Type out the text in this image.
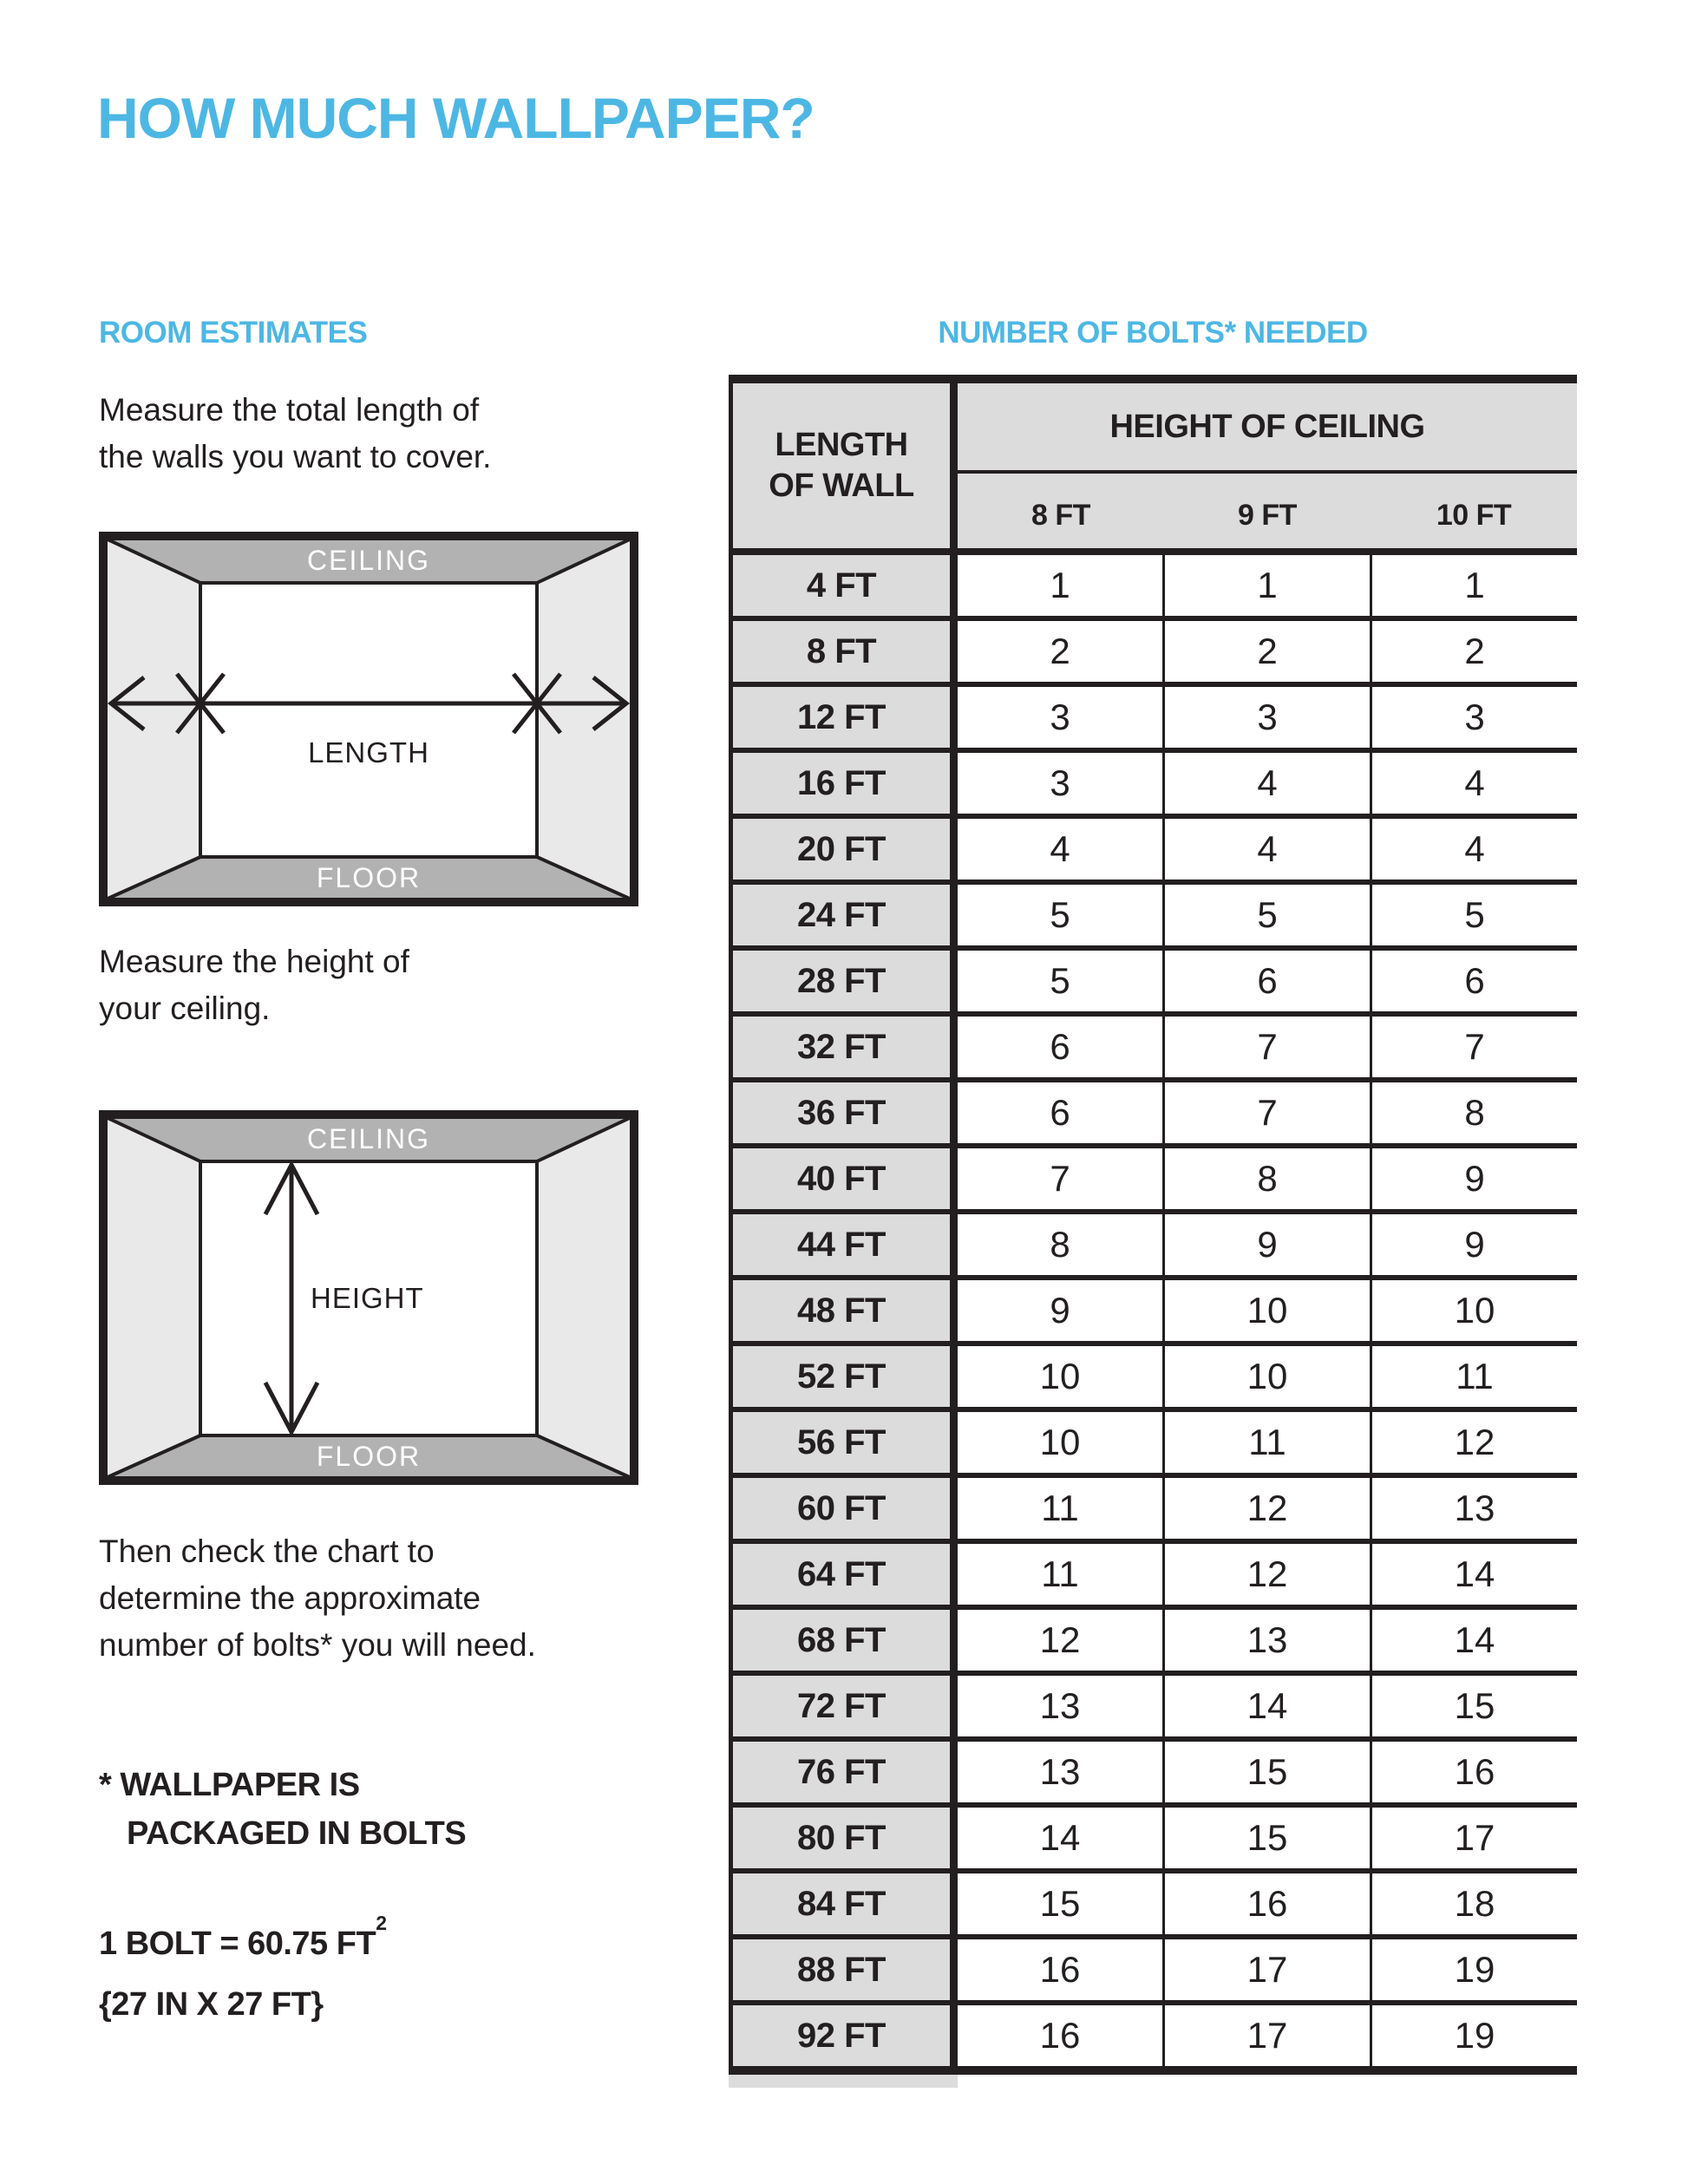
HOW MUCH WALLPAPER?
ROOM ESTIMATES

Measure the total length of
the walls you want to cover.

CEILING
FLOOR
LENGTH

Measure the height of
your ceiling.

CEILING
FLOOR
HEIGHT

Then check the chart to
determine the approximate
number of bolts* you will need.

* WALLPAPER IS
PACKAGED IN BOLTS

1 BOLT = 60.75 $FT^2$
{27 IN X 27 FT}

NUMBER OF BOLTS* NEEDED
LENGTH
OF WALL
HEIGHT OF CEILING
8 FT	9 FT	10 FT
4 FT	1	1	1
8 FT	2	2	2
12 FT	3	3	3
16 FT	3	4	4
20 FT	4	4	4
24 FT	5	5	5
28 FT	5	6	6
32 FT	6	7	7
36 FT	6	7	8
40 FT	7	8	9
44 FT	8	9	9
48 FT	9	10	10
52 FT	10	10	11
56 FT	10	11	12
60 FT	11	12	13
64 FT	11	12	14
68 FT	12	13	14
72 FT	13	14	15
76 FT	13	15	16
80 FT	14	15	17
84 FT	15	16	18
88 FT	16	17	19
92 FT	16	17	19
